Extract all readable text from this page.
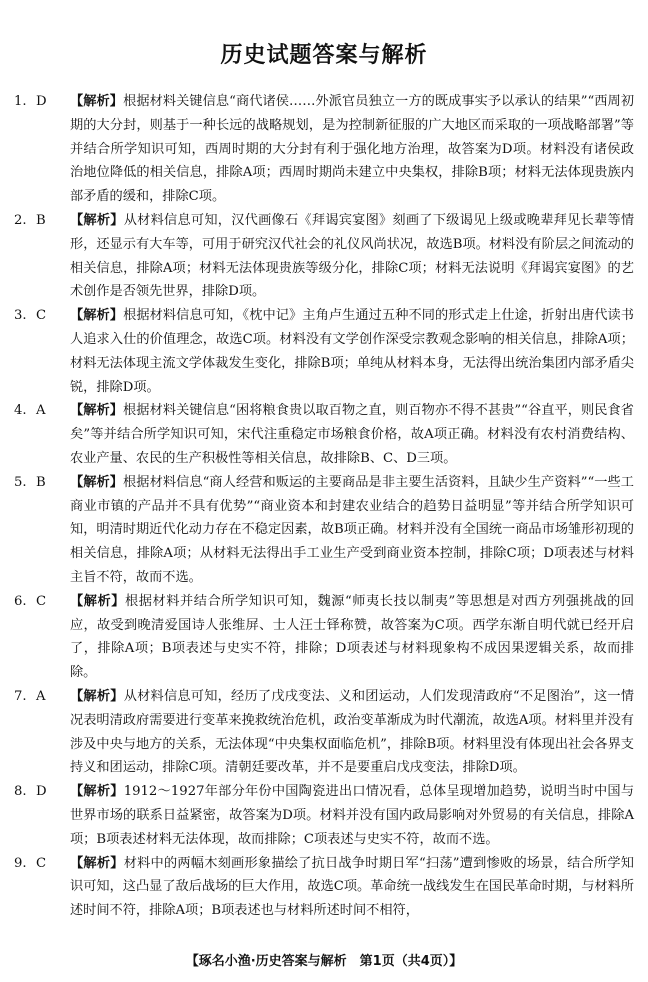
历史试题答案与解析

1. D	【解析】根据材料关键信息“商代诸侯……外派官员独立一方的既成事实予以承认的结果”“西周初期的大分封，则基于一种长远的战略规划，是为控制新征服的广大地区而采取的一项战略部署”等并结合所学知识可知，西周时期的大分封有利于强化地方治理，故答案为D项。材料没有诸侯政治地位降低的相关信息，排除A项；西周时期尚未建立中央集权，排除B项；材料无法体现贵族内部矛盾的缓和，排除C项。

2. B	【解析】从材料信息可知，汉代画像石《拜谒宾宴图》刻画了下级谒见上级或晚辈拜见长辈等情形，还显示有大车等，可用于研究汉代社会的礼仪风尚状况，故选B项。材料没有阶层之间流动的相关信息，排除A项；材料无法体现贵族等级分化，排除C项；材料无法说明《拜谒宾宴图》的艺术创作是否领先世界，排除D项。

3. C	【解析】根据材料信息可知，《枕中记》主角卢生通过五种不同的形式走上仕途，折射出唐代读书人追求入仕的价值理念，故选C项。材料没有文学创作深受宗教观念影响的相关信息，排除A项；材料无法体现主流文学体裁发生变化，排除B项；单纯从材料本身，无法得出统治集团内部矛盾尖锐，排除D项。

4. A	【解析】根据材料关键信息“困将粮食贵以取百物之直，则百物亦不得不甚贵”“谷直平，则民食省矣”等并结合所学知识可知，宋代注重稳定市场粮食价格，故A项正确。材料没有农村消费结构、农业产量、农民的生产积极性等相关信息，故排除B、C、D三项。

5. B	【解析】根据材料信息“商人经营和贩运的主要商品是非主要生活资料，且缺少生产资料”“一些工商业市镇的产品并不具有优势”“商业资本和封建农业结合的趋势日益明显”等并结合所学知识可知，明清时期近代化动力存在不稳定因素，故B项正确。材料并没有全国统一商品市场雏形初现的相关信息，排除A项；从材料无法得出手工业生产受到商业资本控制，排除C项；D项表述与材料主旨不符，故而不选。

6. C	【解析】根据材料并结合所学知识可知，魏源“师夷长技以制夷”等思想是对西方列强挑战的回应，故受到晚清爱国诗人张维屏、士人汪士铎称赞，故答案为C项。西学东渐自明代就已经开启了，排除A项；B项表述与史实不符，排除；D项表述与材料现象构不成因果逻辑关系，故而排除。

7. A	【解析】从材料信息可知，经历了戊戌变法、义和团运动，人们发现清政府“不足图治”，这一情况表明清政府需要进行变革来挽救统治危机，政治变革渐成为时代潮流，故选A项。材料里并没有涉及中央与地方的关系，无法体现“中央集权面临危机”，排除B项。材料里没有体现出社会各界支持义和团运动，排除C项。清朝廷要改革，并不是要重启戊戌变法，排除D项。

8. D	【解析】1912～1927年部分年份中国陶瓷进出口情况看，总体呈现增加趋势，说明当时中国与世界市场的联系日益紧密，故答案为D项。材料并没有国内政局影响对外贸易的有关信息，排除A项；B项表述材料无法体现，故而排除；C项表述与史实不符，故而不选。

9. C	【解析】材料中的两幅木刻画形象描绘了抗日战争时期日军“扫荡”遭到惨败的场景，结合所学知识可知，这凸显了敌后战场的巨大作用，故选C项。革命统一战线发生在国民革命时期，与材料所述时间不符，排除A项；B项表述也与材料所述时间不相符，

【琢名小渔·历史答案与解析　第1页（共4页）】
